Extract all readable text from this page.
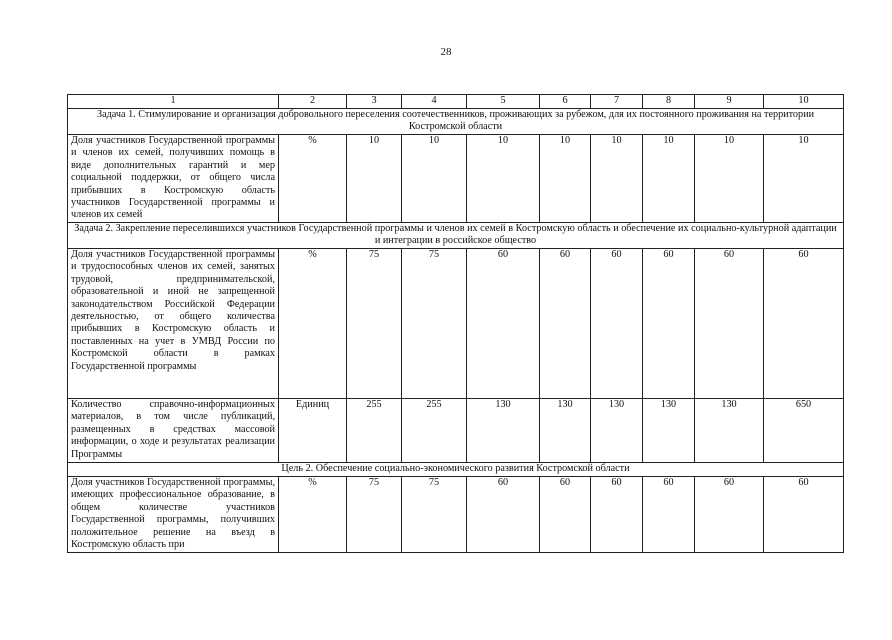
28
1	2	3	4	5	6	7	8	9	10
Задача 1. Стимулирование и организация добровольного переселения соотечественников, проживающих за рубежом, для их постоянного проживания на территории Костромской области									
Доля участников Государственной программы и членов их семей, получивших помощь в виде дополнительных гарантий и мер социальной поддержки, от общего числа прибывших в Костромскую область участников Государственной программы и членов их семей	%	10	10	10	10	10	10	10	10
Задача 2. Закрепление переселившихся участников Государственной программы и членов их семей в Костромскую область и обеспечение их социально-культурной адаптации и интеграции в российское общество									
Доля участников Государственной программы и трудоспособных членов их семей, занятых трудовой, предпринимательской, образовательной и иной не запрещенной законодательством Российской Федерации деятельностью, от общего количества прибывших в Костромскую область и поставленных на учет в УМВД России по Костромской области в рамках Государственной программы	%	75	75	60	60	60	60	60	60
Количество справочно-информационных материалов, в том числе публикаций, размещенных в средствах массовой информации, о ходе и результатах реализации Программы	Единиц	255	255	130	130	130	130	130	650
Цель 2. Обеспечение социально-экономического развития Костромской области									
Доля участников Государственной программы, имеющих профессиональное образование, в общем количестве участников Государственной программы, получивших положительное решение на въезд в Костромскую область при	%	75	75	60	60	60	60	60	60
